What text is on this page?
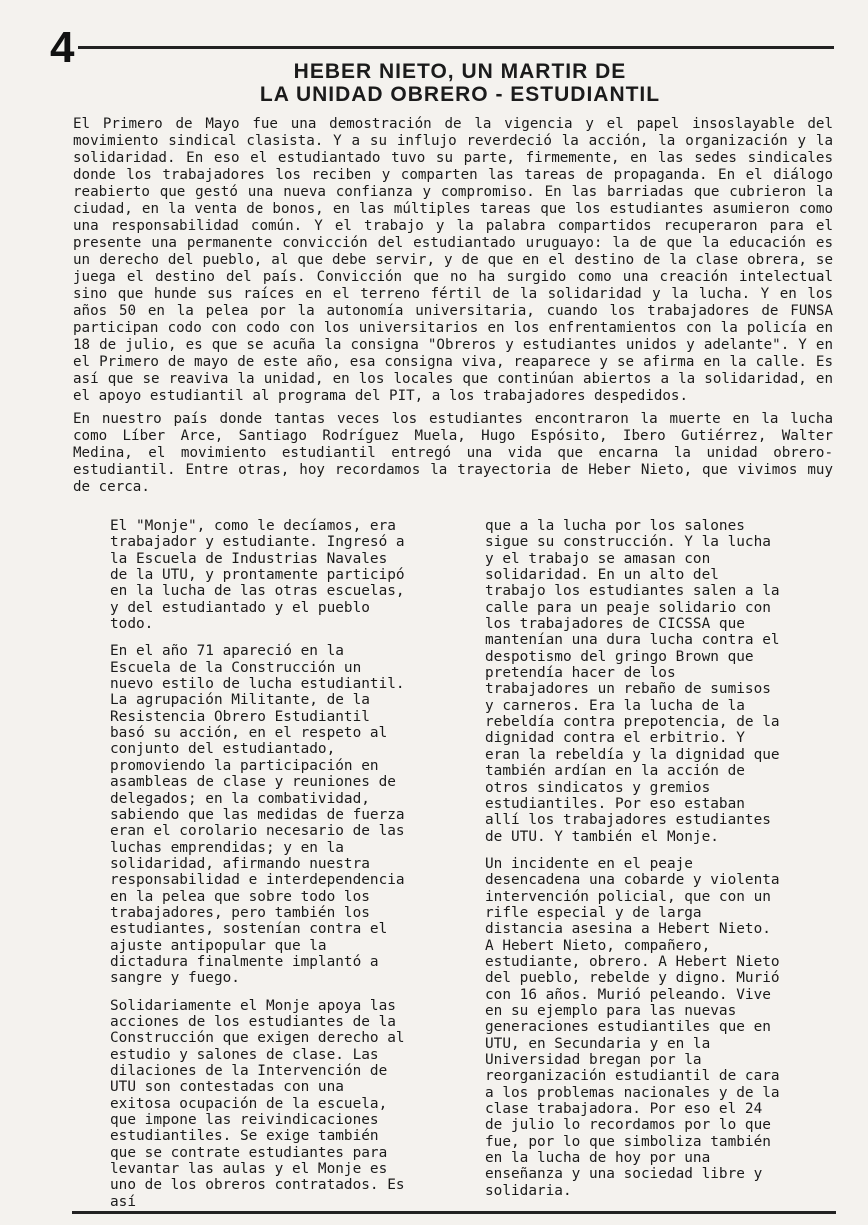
4	HEBER NIETO, UN MARTIR DE
LA UNIDAD OBRERO - ESTUDIANTIL

El Primero de Mayo fue una demostración de la vigencia y el papel insoslayable del movimiento sindical clasista. Y a su influjo reverdeció la acción, la organización y la solidaridad. En eso el estudiantado tuvo su parte, firmemente, en las sedes sindicales donde los trabajadores los reciben y comparten las tareas de propaganda. En el diálogo reabierto que gestó una nueva confianza y compromiso. En las barriadas que cubrieron la ciudad, en la venta de bonos, en las múltiples tareas que los estudiantes asumieron como una responsabilidad común. Y el trabajo y la palabra compartidos recuperaron para el presente una permanente convicción del estudiantado uruguayo: la de que la educación es un derecho del pueblo, al que debe servir, y de que en el destino de la clase obrera, se juega el destino del país. Convicción que no ha surgido como una creación intelectual sino que hunde sus raíces en el terreno fértil de la solidaridad y la lucha. Y en los años 50 en la pelea por la autonomía universitaria, cuando los trabajadores de FUNSA participan codo con codo con los universitarios en los enfrentamientos con la policía en 18 de julio, es que se acuña la consigna "Obreros y estudiantes unidos y adelante". Y en el Primero de mayo de este año, esa consigna viva, reaparece y se afirma en la calle. Es así que se reaviva la unidad, en los locales que continúan abiertos a la solidaridad, en el apoyo estudiantil al programa del PIT, a los trabajadores despedidos.

En nuestro país donde tantas veces los estudiantes encontraron la muerte en la lucha como Líber Arce, Santiago Rodríguez Muela, Hugo Espósito, Ibero Gutiérrez, Walter Medina, el movimiento estudiantil entregó una vida que encarna la unidad obrero-estudiantil. Entre otras, hoy recordamos la trayectoria de Heber Nieto, que vivimos muy de cerca.

El "Monje", como le decíamos, era trabajador y estudiante. Ingresó a la Escuela de Industrias Navales de la UTU, y prontamente participó en la lucha de las otras escuelas, y del estudiantado y el pueblo todo.

En el año 71 apareció en la Escuela de la Construcción un nuevo estilo de lucha estudiantil. La agrupación Militante, de la Resistencia Obrero Estudiantil basó su acción, en el respeto al conjunto del estudiantado, promoviendo la participación en asambleas de clase y reuniones de delegados; en la combatividad, sabiendo que las medidas de fuerza eran el corolario necesario de las luchas emprendidas; y en la solidaridad, afirmando nuestra responsabilidad e interdependencia en la pelea que sobre todo los trabajadores, pero también los estudiantes, sostenían contra el ajuste antipopular que la dictadura finalmente implantó a sangre y fuego.

Solidariamente el Monje apoya las acciones de los estudiantes de la Construcción que exigen derecho al estudio y salones de clase. Las dilaciones de la Intervención de UTU son contestadas con una exitosa ocupación de la escuela, que impone las reivindicaciones estudiantiles. Se exige también que se contrate estudiantes para levantar las aulas y el Monje es uno de los obreros contratados. Es así

que a la lucha por los salones sigue su construcción. Y la lucha y el trabajo se amasan con solidaridad. En un alto del trabajo los estudiantes salen a la calle para un peaje solidario con los trabajadores de CICSSA que mantenían una dura lucha contra el despotismo del gringo Brown que pretendía hacer de los trabajadores un rebaño de sumisos y carneros. Era la lucha de la rebeldía contra prepotencia, de la dignidad contra el erbitrio. Y eran la rebeldía y la dignidad que también ardían en la acción de otros sindicatos y gremios estudiantiles. Por eso estaban allí los trabajadores estudiantes de UTU. Y también el Monje.

Un incidente en el peaje desencadena una cobarde y violenta intervención policial, que con un rifle especial y de larga distancia asesina a Hebert Nieto. A Hebert Nieto, compañero, estudiante, obrero. A Hebert Nieto del pueblo, rebelde y digno. Murió con 16 años. Murió peleando. Vive en su ejemplo para las nuevas generaciones estudiantiles que en UTU, en Secundaria y en la Universidad bregan por la reorganización estudiantil de cara a los problemas nacionales y de la clase trabajadora. Por eso el 24 de julio lo recordamos por lo que fue, por lo que simboliza también en la lucha de hoy por una enseñanza y una sociedad libre y solidaria.
